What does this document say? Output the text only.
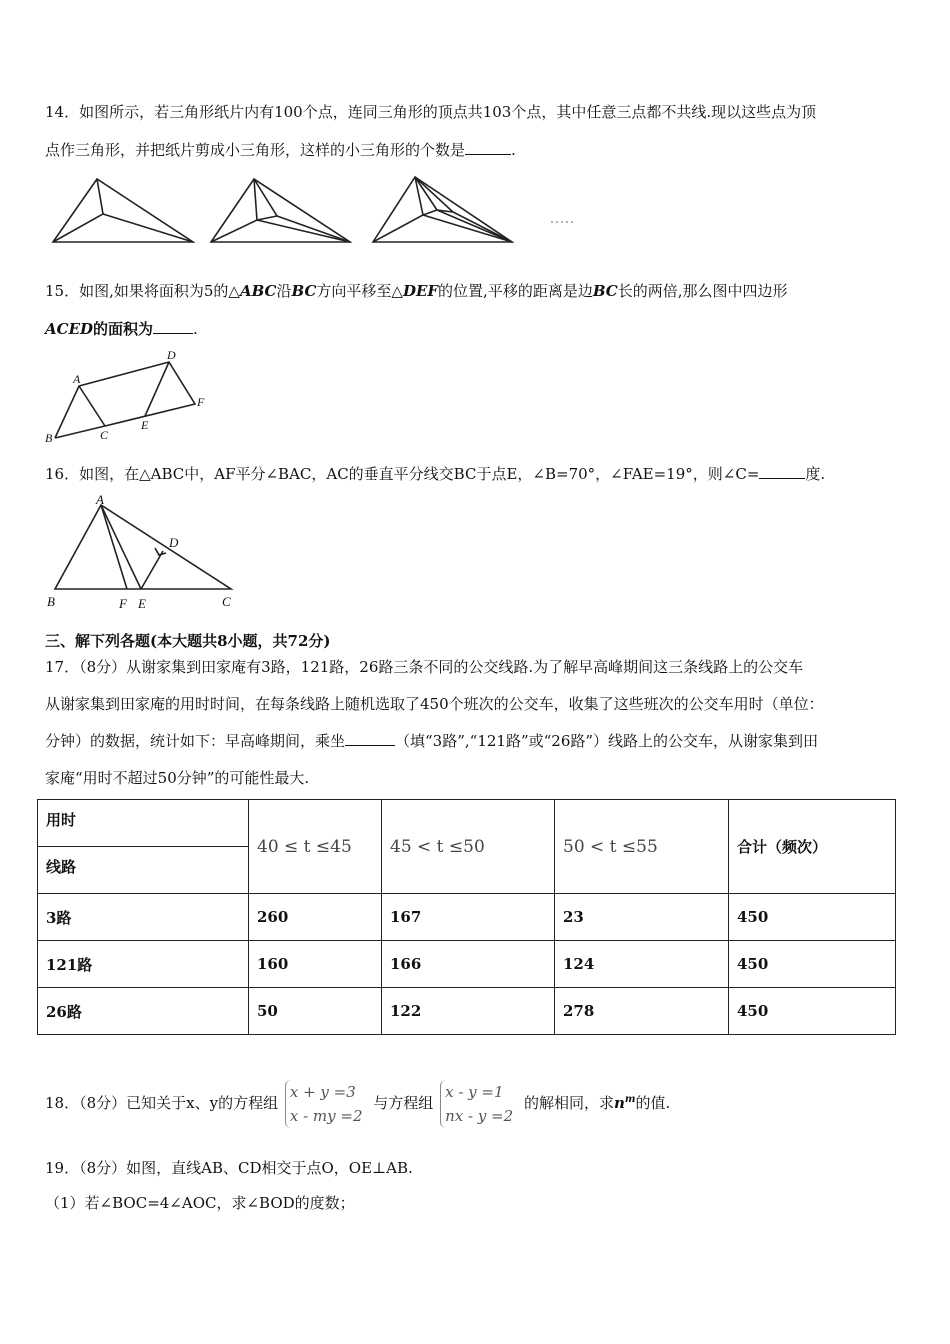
14．如图所示，若三角形纸片内有100个点，连同三角形的顶点共103个点，其中任意三点都不共线.现以这些点为顶
点作三角形，并把纸片剪成小三角形，这样的小三角形的个数是	.
15．如图,如果将面积为5的△ABC沿BC方向平移至△DEF的位置,平移的距离是边BC长的两倍,那么图中四边形
ACED的面积为	.
A
B	C
D
E
F
16．如图，在△ABC中，AF平分∠BAC，AC的垂直平分线交BC于点E，∠B=70°，∠FAE=19°，则∠C=	度.
A
B	C
D
E
F
三、解下列各题(本大题共8小题，共72分)
17．（8分）从谢家集到田家庵有3路，121路，26路三条不同的公交线路.为了解早高峰期间这三条线路上的公交车
从谢家集到田家庵的用时时间，在每条线路上随机选取了450个班次的公交车，收集了这些班次的公交车用时（单位：
分钟）的数据，统计如下：早高峰期间，乘坐	（填“3路”,“121路”或“26路”）线路上的公交车，从谢家集到田
家庵“用时不超过50分钟”的可能性最大.
用时
线路	40 ≤ t ≤45	45 < t ≤50	50 < t ≤55	合计（频次）
3路	260	167	23	450
121路	160	166	124	450
26路	50	122	278	450
18．（8分）已知关于x、y的方程组
x + y =3
x - my =2
与方程组
x - y =1
nx - y =2
的解相同，求$n^m$的值.
19．（8分）如图，直线AB、CD相交于点O，OE⊥AB.
（1）若∠BOC=4∠AOC，求∠BOD的度数；
